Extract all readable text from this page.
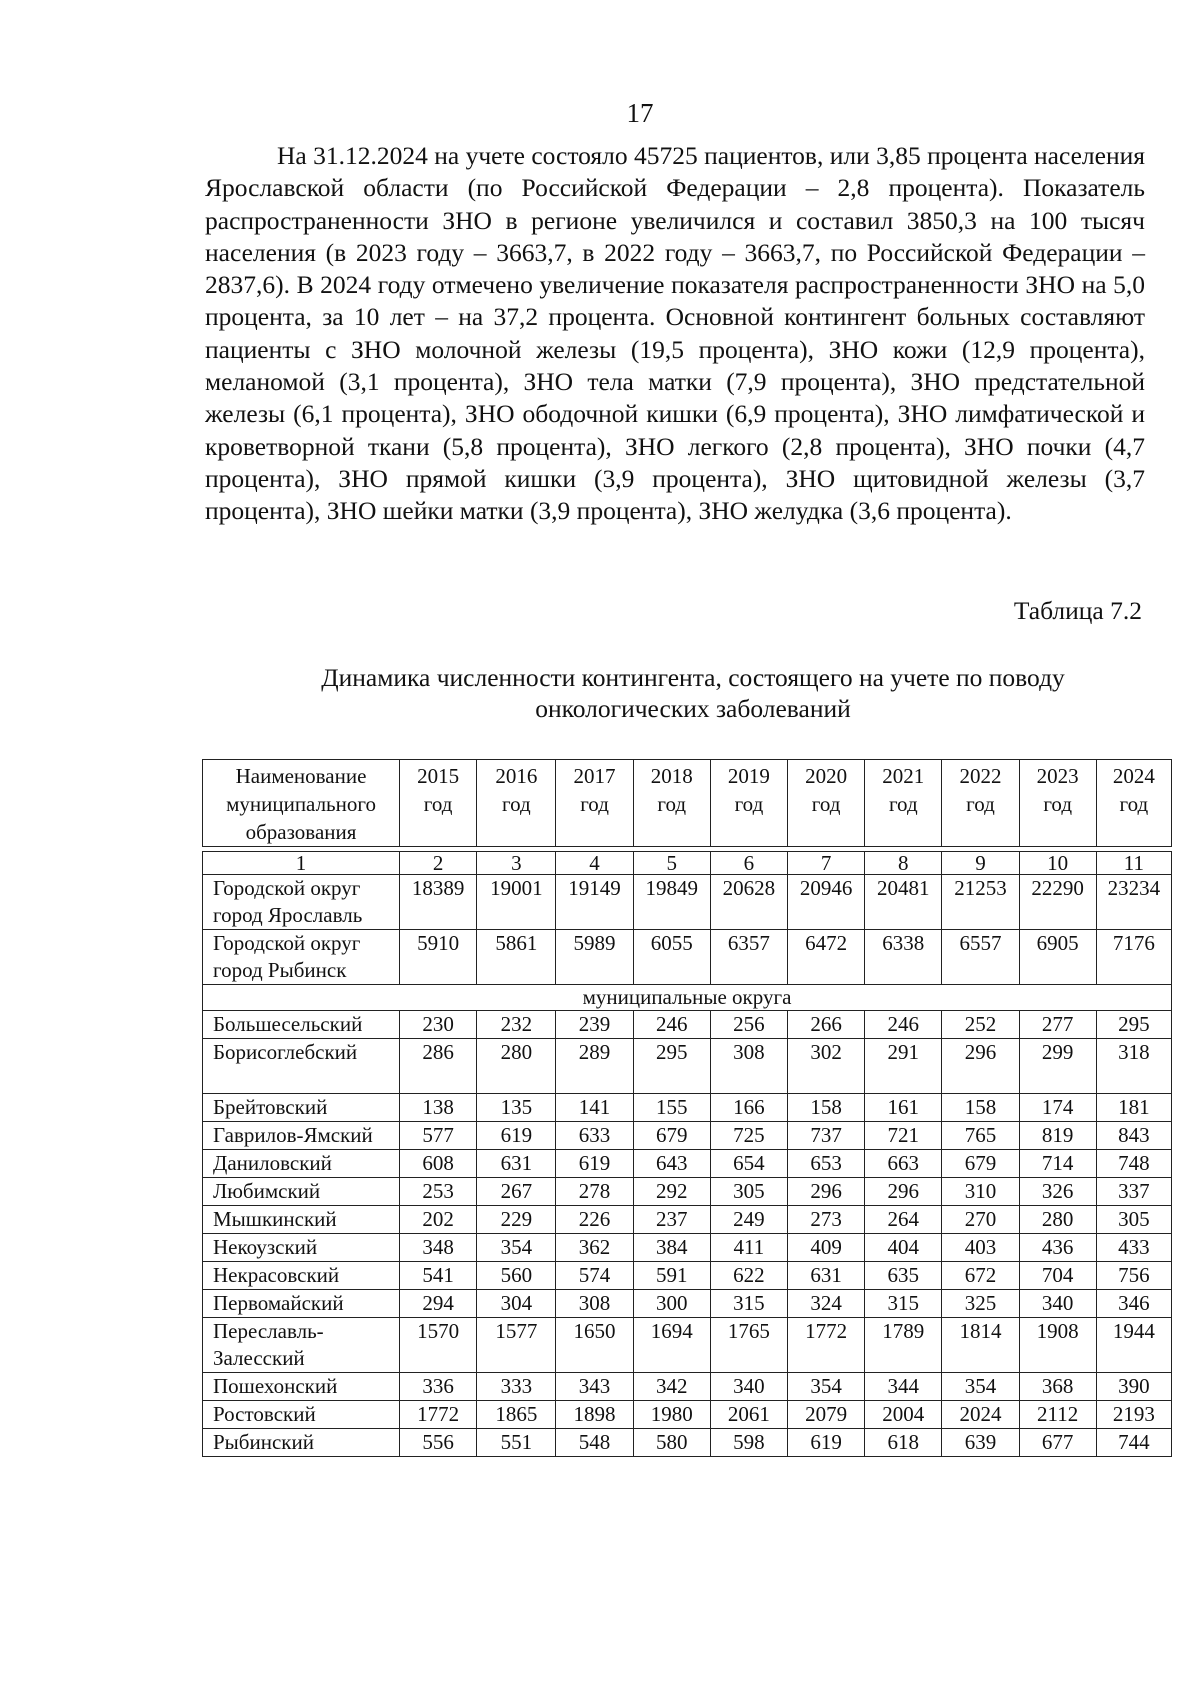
17

На 31.12.2024 на учете состояло 45725 пациентов, или 3,85 процента населения Ярославской области (по Российской Федерации – 2,8 процента). Показатель распространенности ЗНО в регионе увеличился и составил 3850,3 на 100 тысяч населения (в 2023 году – 3663,7, в 2022 году – 3663,7, по Российской Федерации – 2837,6). В 2024 году отмечено увеличение показателя распространенности ЗНО на 5,0 процента, за 10 лет – на 37,2 процента. Основной контингент больных составляют пациенты с ЗНО молочной железы (19,5 процента), ЗНО кожи (12,9 процента), меланомой (3,1 процента), ЗНО тела матки (7,9 процента), ЗНО предстательной железы (6,1 процента), ЗНО ободочной кишки (6,9 процента), ЗНО лимфатической и кроветворной ткани (5,8 процента), ЗНО легкого (2,8 процента), ЗНО почки (4,7 процента), ЗНО прямой кишки (3,9 процента), ЗНО щитовидной железы (3,7 процента), ЗНО шейки матки (3,9 процента), ЗНО желудка (3,6 процента).

Таблица 7.2
Динамика численности контингента, состоящего на учете по поводу
онкологических заболеваний
Наименование муниципального образования	2015 год	2016 год	2017 год	2018 год	2019 год	2020 год	2021 год	2022 год	2023 год	2024 год

1	2	3	4	5	6	7	8	9	10	11
Городской округ город Ярославль	18389	19001	19149	19849	20628	20946	20481	21253	22290	23234
Городской округ город Рыбинск	5910	5861	5989	6055	6357	6472	6338	6557	6905	7176
муниципальные округа										
Большесельский	230	232	239	246	256	266	246	252	277	295
Борисоглебский	286	280	289	295	308	302	291	296	299	318
Брейтовский	138	135	141	155	166	158	161	158	174	181
Гаврилов-Ямский	577	619	633	679	725	737	721	765	819	843
Даниловский	608	631	619	643	654	653	663	679	714	748
Любимский	253	267	278	292	305	296	296	310	326	337
Мышкинский	202	229	226	237	249	273	264	270	280	305
Некоузский	348	354	362	384	411	409	404	403	436	433
Некрасовский	541	560	574	591	622	631	635	672	704	756
Первомайский	294	304	308	300	315	324	315	325	340	346
Переславль-Залесский	1570	1577	1650	1694	1765	1772	1789	1814	1908	1944
Пошехонский	336	333	343	342	340	354	344	354	368	390
Ростовский	1772	1865	1898	1980	2061	2079	2004	2024	2112	2193
Рыбинский	556	551	548	580	598	619	618	639	677	744
